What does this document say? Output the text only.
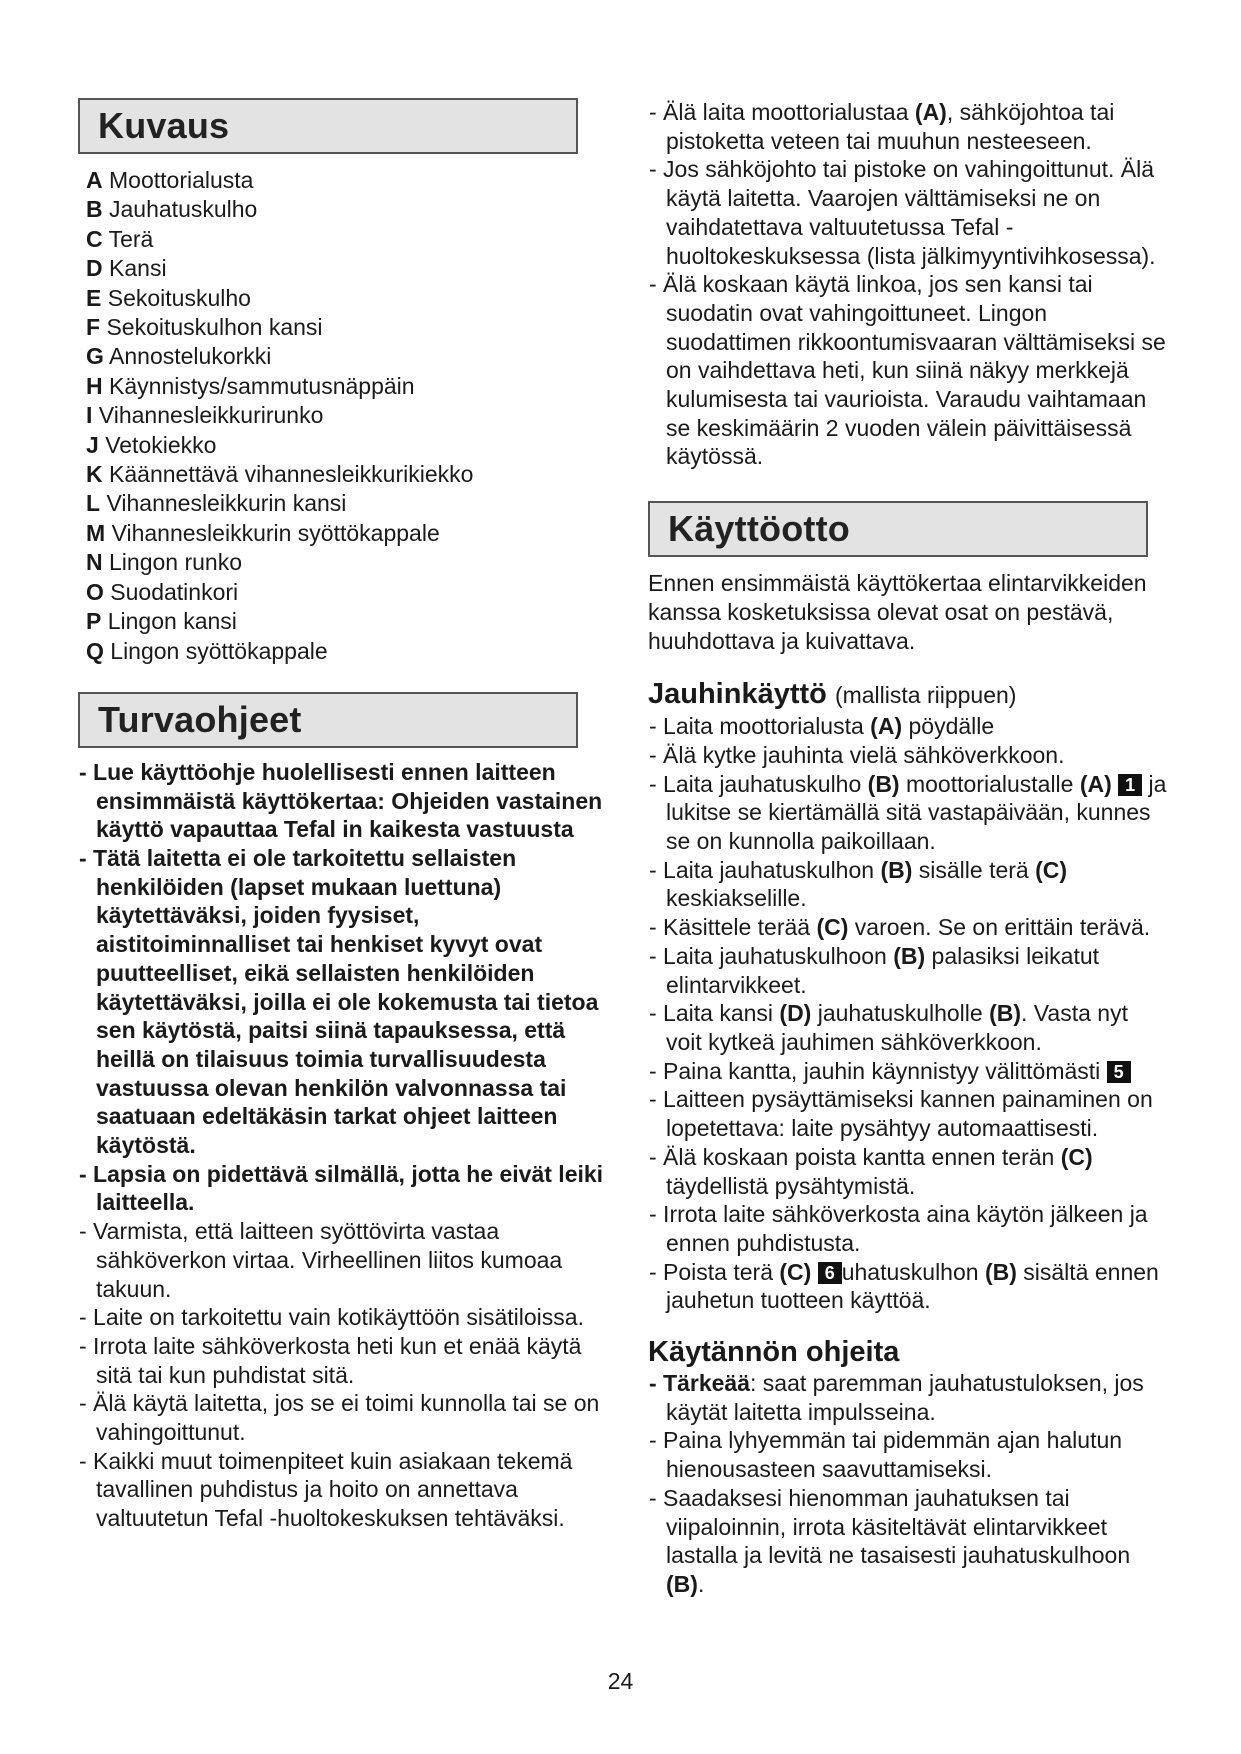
Kuvaus
A Moottorialusta
B Jauhatuskulho
C Terä
D Kansi
E Sekoituskulho
F Sekoituskulhon kansi
G Annostelukorkki
H Käynnistys/sammutusnäppäin
I Vihannesleikkurirunko
J Vetokiekko
K Käännettävä vihannesleikkurikiekko
L Vihannesleikkurin kansi
M Vihannesleikkurin syöttökappale
N Lingon runko
O Suodatinkori
P Lingon kansi
Q Lingon syöttökappale
Turvaohjeet
- Lue käyttöohje huolellisesti ennen laitteen ensimmäistä käyttökertaa: Ohjeiden vastainen käyttö vapauttaa Tefal in kaikesta vastuusta
- Tätä laitetta ei ole tarkoitettu sellaisten henkilöiden (lapset mukaan luettuna) käytettäväksi, joiden fyysiset, aistitoiminnalliset tai henkiset kyvyt ovat puutteelliset, eikä sellaisten henkilöiden käytettäväksi, joilla ei ole kokemusta tai tietoa sen käytöstä, paitsi siinä tapauksessa, että heillä on tilaisuus toimia turvallisuudesta vastuussa olevan henkilön valvonnassa tai saatuaan edeltäkäsin tarkat ohjeet laitteen käytöstä.
- Lapsia on pidettävä silmällä, jotta he eivät leiki laitteella.
- Varmista, että laitteen syöttövirta vastaa sähköverkon virtaa. Virheellinen liitos kumoaa takuun.
- Laite on tarkoitettu vain kotikäyttöön sisätiloissa.
- Irrota laite sähköverkosta heti kun et enää käytä sitä tai kun puhdistat sitä.
- Älä käytä laitetta, jos se ei toimi kunnolla tai se on vahingoittunut.
- Kaikki muut toimenpiteet kuin asiakaan tekemä tavallinen puhdistus ja hoito on annettava valtuutetun Tefal -huoltokeskuksen tehtäväksi.
- Älä laita moottorialustaa (A), sähköjohtoa tai pistoketta veteen tai muuhun nesteeseen.
- Jos sähköjohto tai pistoke on vahingoittunut. Älä käytä laitetta. Vaarojen välttämiseksi ne on vaihdatettava valtuutetussa Tefal -huoltokeskuksessa (lista jälkimyyntivihkosessa).
- Älä koskaan käytä linkoa, jos sen kansi tai suodatin ovat vahingoittuneet. Lingon suodattimen rikkoontumisvaaran välttämiseksi se on vaihdettava heti, kun siinä näkyy merkkejä kulumisesta tai vaurioista. Varaudu vaihtamaan se keskimäärin 2 vuoden välein päivittäisessä käytössä.
Käyttöotto

Ennen ensimmäistä käyttökertaa elintarvikkeiden kanssa kosketuksissa olevat osat on pestävä, huuhdottava ja kuivattava.

Jauhinkäyttö (mallista riippuen)
- Laita moottorialusta (A) pöydälle
- Älä kytke jauhinta vielä sähköverkkoon.
- Laita jauhatuskulho (B) moottorialustalle (A) 1 ja lukitse se kiertämällä sitä vastapäivään, kunnes se on kunnolla paikoillaan.
- Laita jauhatuskulhon (B) sisälle terä (C) keskiakselille.
- Käsittele terää (C) varoen. Se on erittäin terävä.
- Laita jauhatuskulhoon (B) palasiksi leikatut elintarvikkeet.
- Laita kansi (D) jauhatuskulholle (B). Vasta nyt voit kytkeä jauhimen sähköverkkoon.
- Paina kantta, jauhin käynnistyy välittömästi 5
- Laitteen pysäyttämiseksi kannen painaminen on lopetettava: laite pysähtyy automaattisesti.
- Älä koskaan poista kantta ennen terän (C) täydellistä pysähtymistä.
- Irrota laite sähköverkosta aina käytön jälkeen ja ennen puhdistusta.
- Poista terä (C) 6 uhatuskulhon (B) sisältä ennen jauhetun tuotteen käyttöä.
Käytännön ohjeita
- Tärkeää: saat paremman jauhatustuloksen, jos käytät laitetta impulsseina.
- Paina lyhyemmän tai pidemmän ajan halutun hienousasteen saavuttamiseksi.
- Saadaksesi hienomman jauhatuksen tai viipaloinnin, irrota käsiteltävät elintarvikkeet lastalla ja levitä ne tasaisesti jauhatuskulhoon (B).
24
